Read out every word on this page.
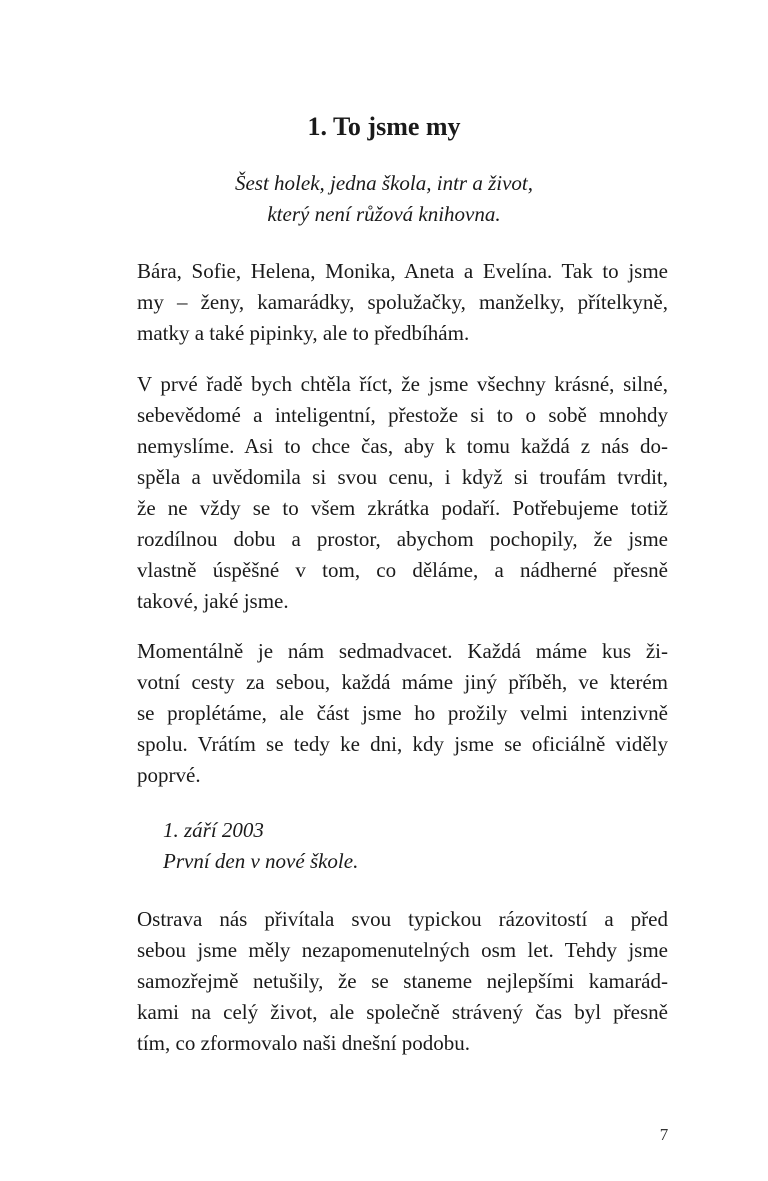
1. To jsme my
Šest holek, jedna škola, intr a život,
který není růžová knihovna.
Bára, Sofie, Helena, Monika, Aneta a Evelína. Tak to jsme
my – ženy, kamarádky, spolužačky, manželky, přítelkyně,
matky a také pipinky, ale to předbíhám.
V prvé řadě bych chtěla říct, že jsme všechny krásné, silné,
sebevědomé a inteligentní, přestože si to o sobě mnohdy
nemyslíme. Asi to chce čas, aby k tomu každá z nás do-
spěla a uvědomila si svou cenu, i když si troufám tvrdit,
že ne vždy se to všem zkrátka podaří. Potřebujeme totiž
rozdílnou dobu a prostor, abychom pochopily, že jsme
vlastně úspěšné v tom, co děláme, a nádherné přesně
takové, jaké jsme.
Momentálně je nám sedmadvacet. Každá máme kus ži-
votní cesty za sebou, každá máme jiný příběh, ve kterém
se proplétáme, ale část jsme ho prožily velmi intenzivně
spolu. Vrátím se tedy ke dni, kdy jsme se oficiálně viděly
poprvé.
1. září 2003
První den v nové škole.
Ostrava nás přivítala svou typickou rázovitostí a před
sebou jsme měly nezapomenutelných osm let. Tehdy jsme
samozřejmě netušily, že se staneme nejlepšími kamarád-
kami na celý život, ale společně strávený čas byl přesně
tím, co zformovalo naši dnešní podobu.
7
